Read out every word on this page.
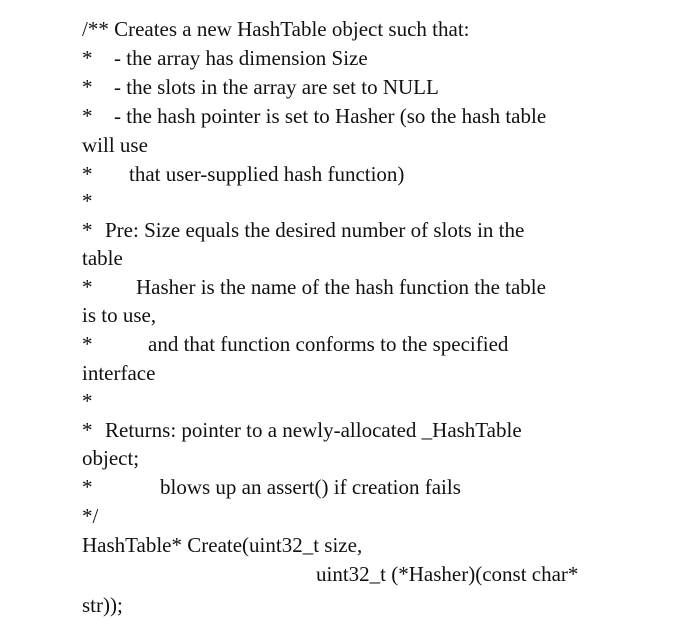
/** Creates a new HashTable object such that:
* - the array has dimension Size
* - the slots in the array are set to NULL
* - the hash pointer is set to Hasher (so the hash table
will use
* that user-supplied hash function)
*
* Pre: Size equals the desired number of slots in the
table
* Hasher is the name of the hash function the table
is to use,
*	and that function conforms to the specified
interface
*
* Returns: pointer to a newly-allocated _HashTable
object;
*	blows up an assert() if creation fails
*/
HashTable* Create(uint32_t size,
uint32_t (*Hasher)(const char*
str));
